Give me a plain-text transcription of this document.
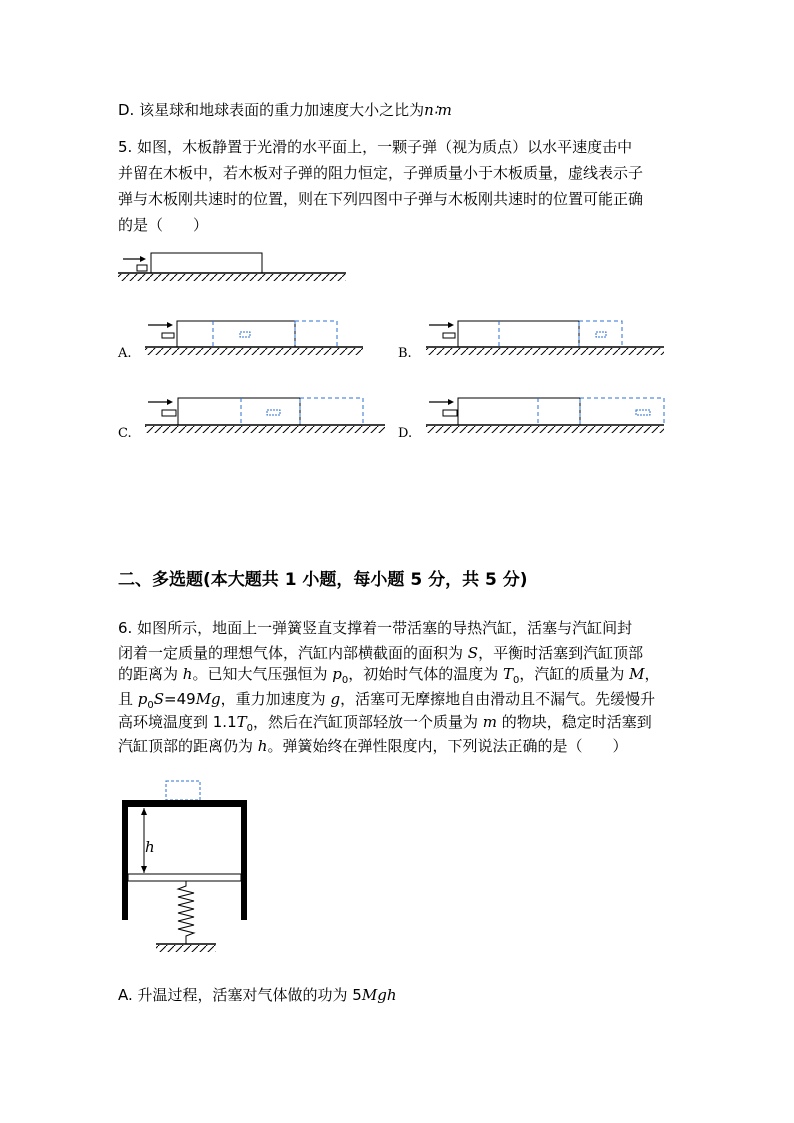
D. 该星球和地球表面的重力加速度大小之比为n∶m
5. 如图，木板静置于光滑的水平面上，一颗子弹（视为质点）以水平速度击中
并留在木板中，若木板对子弹的阻力恒定，子弹质量小于木板质量，虚线表示子
弹与木板刚共速时的位置，则在下列四图中子弹与木板刚共速时的位置可能正确
的是（　　）
A.	B.
C.	D.
二、多选题(本大题共 1 小题，每小题 5 分，共 5 分)
6. 如图所示，地面上一弹簧竖直支撑着一带活塞的导热汽缸，活塞与汽缸间封
闭着一定质量的理想气体，汽缸内部横截面的面积为 S，平衡时活塞到汽缸顶部
的距离为 h。已知大气压强恒为 $p_0$，初始时气体的温度为 $T_0$，汽缸的质量为 M，
且 $p_0S=49Mg$，重力加速度为 g，活塞可无摩擦地自由滑动且不漏气。先缓慢升
高环境温度到 $1.1T_0$，然后在汽缸顶部轻放一个质量为 m 的物块，稳定时活塞到
汽缸顶部的距离仍为 h。弹簧始终在弹性限度内，下列说法正确的是（　　）
h
A. 升温过程，活塞对气体做的功为 5Mgh
